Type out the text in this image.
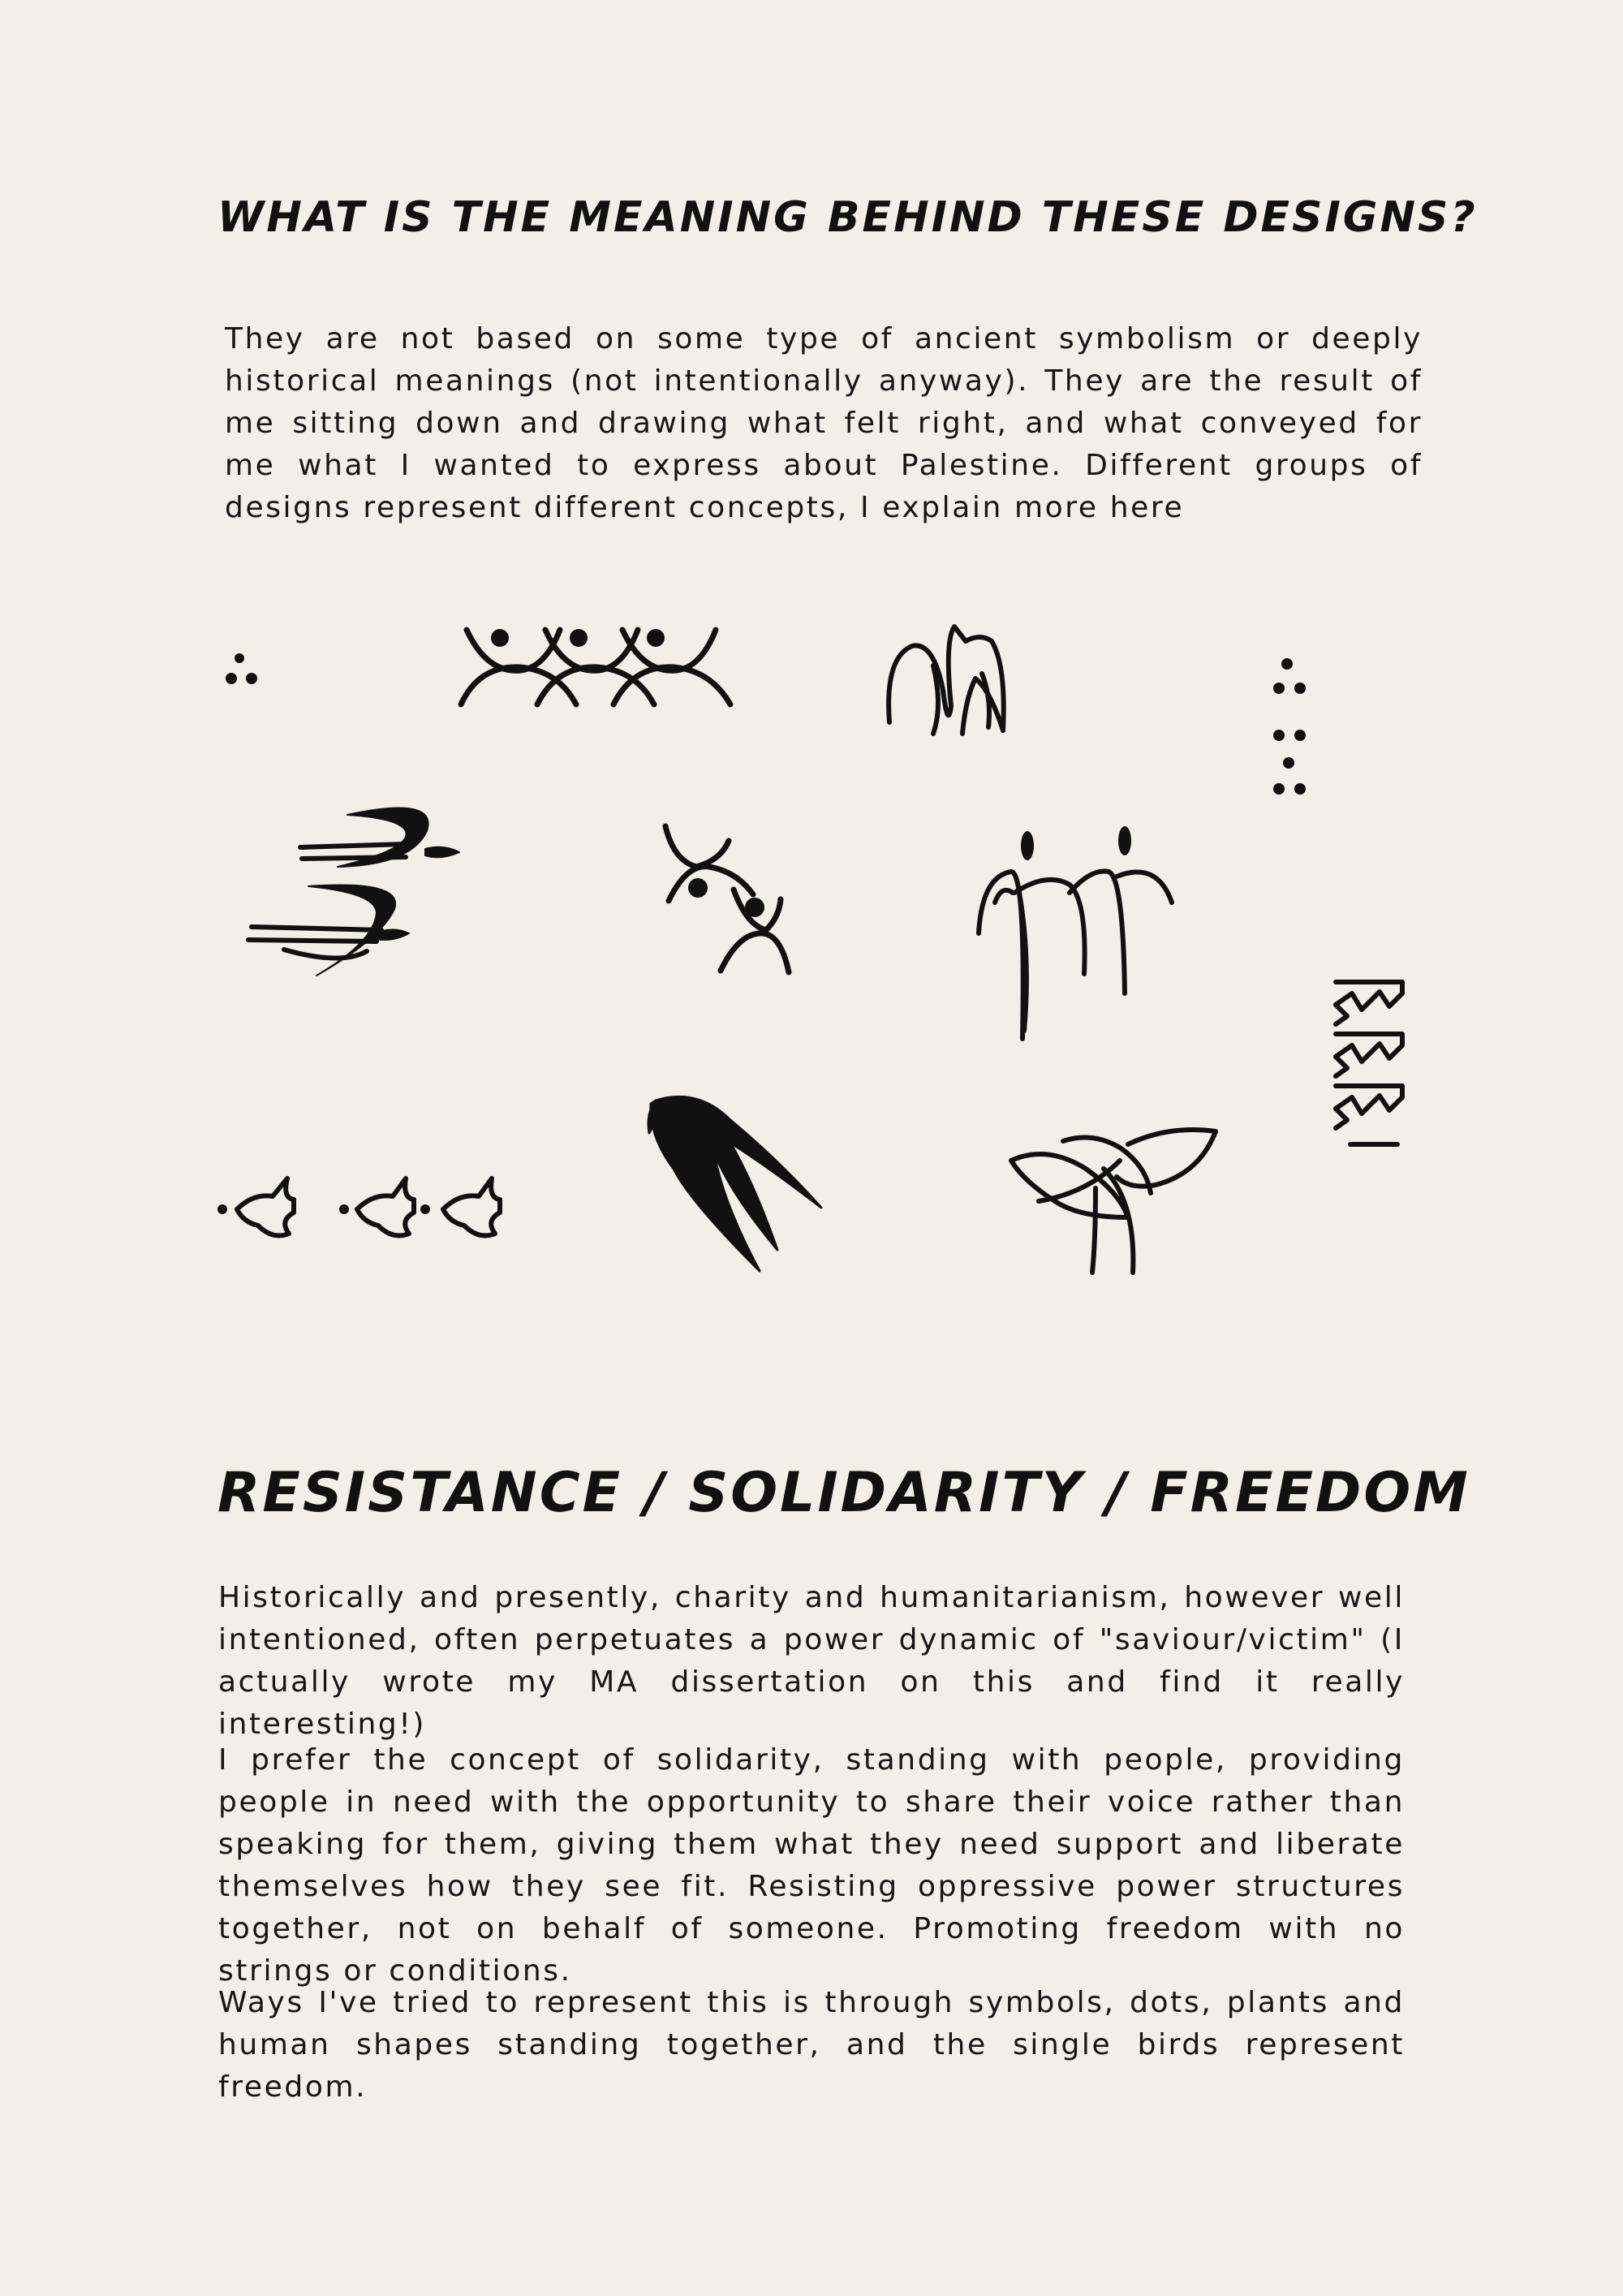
WHAT IS THE MEANING BEHIND THESE DESIGNS?

They are not based on some type of ancient symbolism or deeply historical meanings (not intentionally anyway). They are the result of me sitting down and drawing what felt right, and what conveyed for me what I wanted to express about Palestine. Different groups of designs represent different concepts, I explain more here

RESISTANCE / SOLIDARITY / FREEDOM

Historically and presently, charity and humanitarianism, however well intentioned, often perpetuates a power dynamic of "saviour/victim" (I actually wrote my MA dissertation on this and find it really interesting!)

I prefer the concept of solidarity, standing with people, providing people in need with the opportunity to share their voice rather than speaking for them, giving them what they need support and liberate themselves how they see fit. Resisting oppressive power structures together, not on behalf of someone. Promoting freedom with no strings or conditions.

Ways I've tried to represent this is through symbols, dots, plants and human shapes standing together, and the single birds represent freedom.
